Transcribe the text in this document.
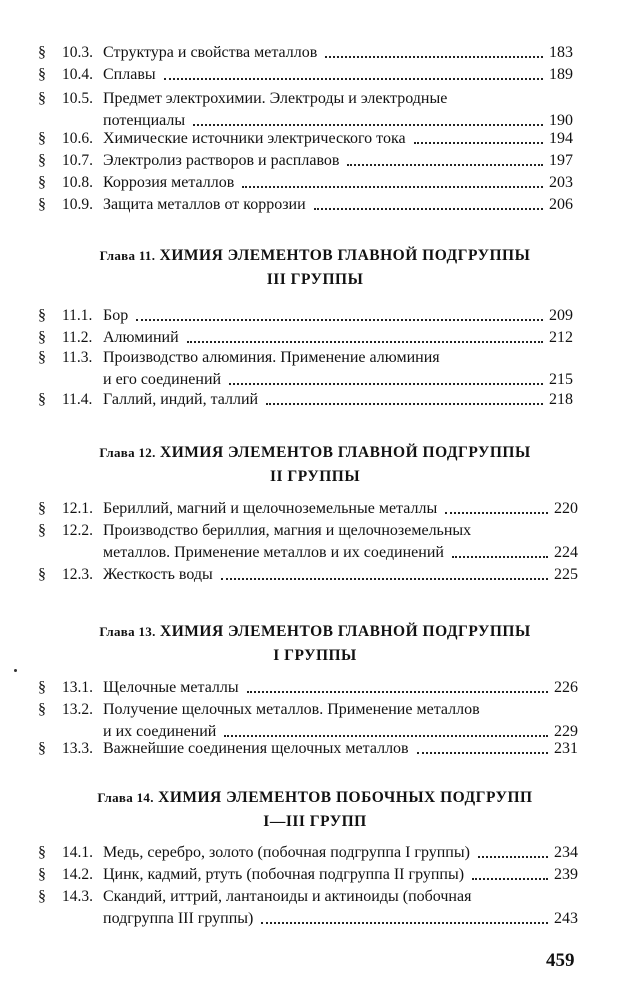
§ 10.3. Структура и свойства металлов	183
§ 10.4. Сплавы	189
§ 10.5. Предмет электрохимии. Электроды и электродные
потенциалы	190
§ 10.6. Химические источники электрического тока	194
§ 10.7. Электролиз растворов и расплавов	197
§ 10.8. Коррозия металлов	203
§ 10.9. Защита металлов от коррозии	206
Глава 11. ХИМИЯ ЭЛЕМЕНТОВ ГЛАВНОЙ ПОДГРУППЫ
III ГРУППЫ
§ 11.1. Бор	209
§ 11.2. Алюминий	212
§ 11.3. Производство алюминия. Применение алюминия
и его соединений	215
§ 11.4. Галлий, индий, таллий	218
Глава 12. ХИМИЯ ЭЛЕМЕНТОВ ГЛАВНОЙ ПОДГРУППЫ
II ГРУППЫ
§ 12.1. Бериллий, магний и щелочноземельные металлы	220
§ 12.2. Производство бериллия, магния и щелочноземельных
металлов. Применение металлов и их соединений	224
§ 12.3. Жесткость воды	225
Глава 13. ХИМИЯ ЭЛЕМЕНТОВ ГЛАВНОЙ ПОДГРУППЫ
I ГРУППЫ
§ 13.1. Щелочные металлы	226
§ 13.2. Получение щелочных металлов. Применение металлов
и их соединений	229
§ 13.3. Важнейшие соединения щелочных металлов	231
Глава 14. ХИМИЯ ЭЛЕМЕНТОВ ПОБОЧНЫХ ПОДГРУПП
I—III ГРУПП
§ 14.1. Медь, серебро, золото (побочная подгруппа I группы)	234
§ 14.2. Цинк, кадмий, ртуть (побочная подгруппа II группы)	239
§ 14.3. Скандий, иттрий, лантаноиды и актиноиды (побочная
подгруппа III группы)	243
459
